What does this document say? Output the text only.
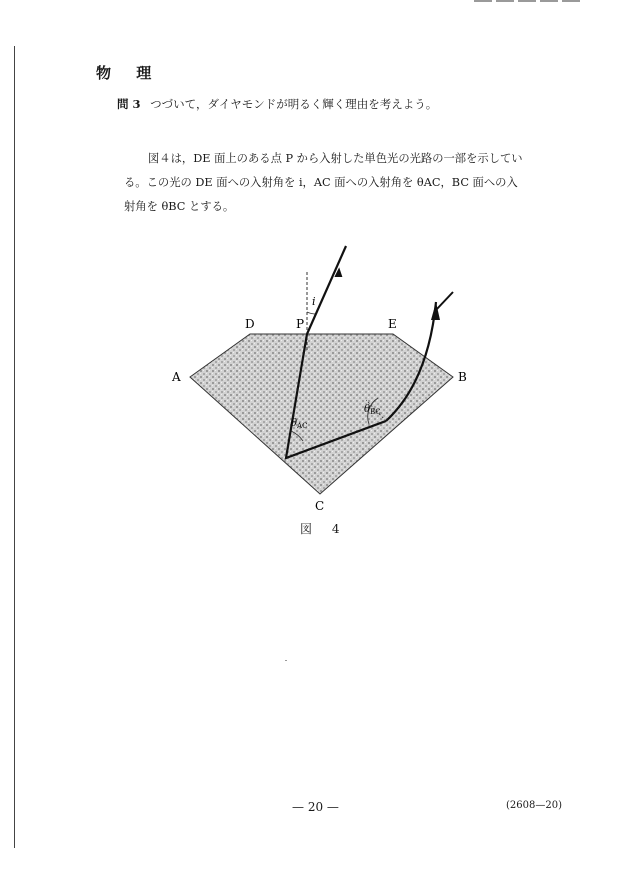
物 理
問 3 つづいて，ダイヤモンドが明るく輝く理由を考えよう。
図４は，DE 面上のある点 P から入射した単色光の光路の一部を示してい
る。この光の DE 面への入射角を i，AC 面への入射角を θAC，BC 面への入
射角を θBC とする。
A	B
C
D	E
P
i
$\theta_{AC}$
$\theta_{BC}$
図 4
— 20 —	(2608—20)
